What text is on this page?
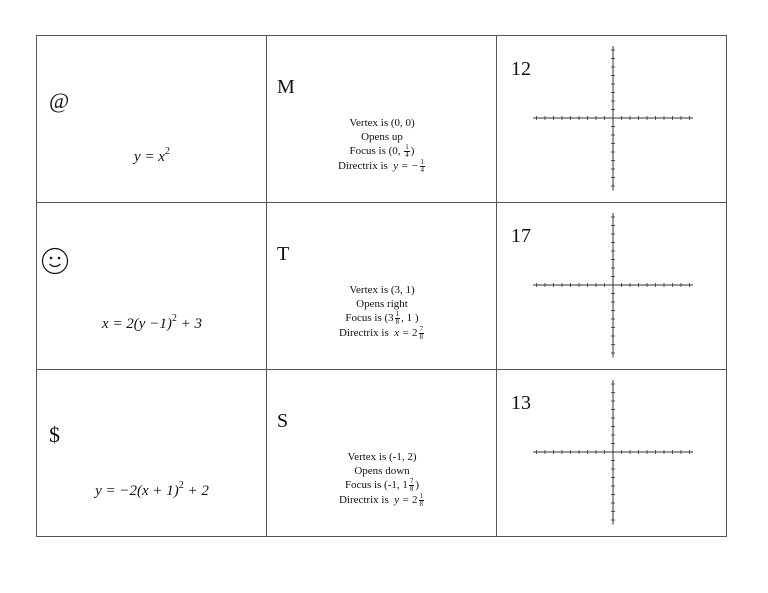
@
$y = x^2$
M
Vertex is (0, 0)
Opens up
Focus is (0, $\frac{1}{4}$ )
Directrix is y = − $\frac{1}{4}$
12
$x = 2(y -1)^2 + 3$
T
Vertex is (3, 1)
Opens right
Focus is ($3 \frac{1}{8}$ , 1 )
Directrix is $x = 2 \frac{7}{8}$
17
$
$y = -2(x + 1)^2 + 2$
S
Vertex is (-1, 2)
Opens down
Focus is (-1, $1 \frac{7}{8}$ )
Directrix is $y = 2 \frac{1}{8}$
13
